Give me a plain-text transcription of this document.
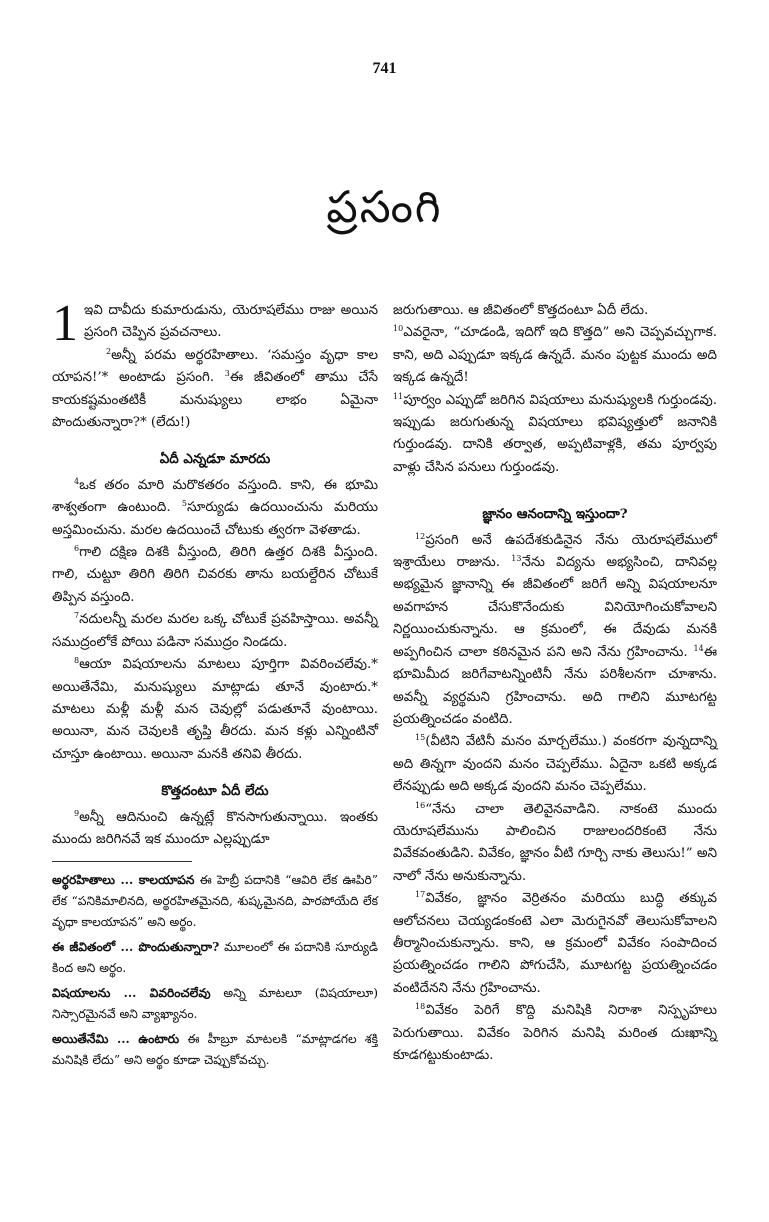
741
ప్రసంగి

1 ఇవి దావీదు కుమారుడును, యెరూషలేము రాజు అయిన ప్రసంగి చెప్పిన ప్రవచనాలు.

$^2$అన్నీ పరమ అర్థరహితాలు. ‘సమస్తం వృధా కాల యాపన!’* అంటాడు ప్రసంగి. $^3$ఈ జీవితంలో తాము చేసే కాయకష్టమంతటికీ మనుష్యులు లాభం ఏమైనా పొందుతున్నారా?* (లేదు!)

ఏదీ ఎన్నడూ మారదు

$^4$ఒక తరం మారి మరొకతరం వస్తుంది. కాని, ఈ భూమి శాశ్వతంగా ఉంటుంది. $^5$సూర్యుడు ఉదయించును మరియు అస్తమించును. మరల ఉదయించే చోటుకు త్వరగా వెళతాడు.

$^6$గాలి దక్షిణ దిశకి వీస్తుంది, తిరిగి ఉత్తర దిశకి వీస్తుంది. గాలి, చుట్టూ తిరిగి తిరిగి చివరకు తాను బయల్దేరిన చోటుకే తిప్పిన వస్తుంది.

$^7$నదులన్నీ మరల మరల ఒక్క చోటుకే ప్రవహిస్తాయి. అవన్నీ సముద్రంలోకే పోయి పడినా సముద్రం నిండదు.

$^8$ఆయా విషయాలను మాటలు పూర్తిగా వివరించలేవు.* అయితేనేమి, మనుష్యులు మాట్లాడు తూనే వుంటారు.* మాటలు మళ్లీ మళ్లీ మన చెవుల్లో పడుతూనే వుంటాయి. అయినా, మన చెవులకి తృప్తి తీరదు. మన కళ్లు ఎన్నింటినో చూస్తూ ఉంటాయి. అయినా మనకి తనివి తీరదు.

కొత్తదంటూ ఏదీ లేదు

$^9$అన్నీ ఆదినుంచి ఉన్నట్లే కొనసాగుతున్నాయి. ఇంతకు ముందు జరిగినవే ఇక ముందూ ఎల్లప్పుడూ

అర్థరహితాలు ... కాలయాపన ఈ హెబ్రీ పదానికి “ఆవిరి లేక ఊపిరి” లేక “పనికిమాలినది, అర్థరహితమైనది, శుష్కమైనది, పారపోయేది లేక వృధా కాలయాపన” అని అర్థం.

ఈ జీవితంలో ... పొందుతున్నారా? మూలంలో ఈ పదానికి సూర్యుడి కింద అని అర్థం.

విషయాలను ... వివరించలేవు అన్ని మాటలూ (విషయాలూ) నిస్సారమైనవే అని వ్యాఖ్యానం.

అయితేనేమి ... ఉంటారు ఈ హీబ్రూ మాటలకి “మాట్లాడగల శక్తి మనిషికి లేదు” అని అర్థం కూడా చెప్పుకోవచ్చు.

జరుగుతాయి. ఆ జీవితంలో కొత్తదంటూ ఏదీ లేదు.

$^{10}$ఎవరైనా, “చూడండి, ఇదిగో ఇది కొత్తది” అని చెప్పవచ్చుగాక. కాని, అది ఎప్పుడూ ఇక్కడ ఉన్నదే. మనం పుట్టక ముందు అది ఇక్కడ ఉన్నదే!

$^{11}$పూర్వం ఎప్పుడో జరిగిన విషయాలు మనుష్యులకి గుర్తుండవు. ఇప్పుడు జరుగుతున్న విషయాలు భవిష్యత్తులో జనానికి గుర్తుండవు. దానికి తర్వాత, అప్పటివాళ్లకి, తమ పూర్వపు వాళ్లు చేసిన పనులు గుర్తుండవు.

జ్ఞానం ఆనందాన్ని ఇస్తుందా?

$^{12}$ప్రసంగి అనే ఉపదేశకుడినైన నేను యెరూషలేములో ఇశ్రాయేలు రాజును. $^{13}$నేను విద్యను అభ్యసించి, దానివల్ల అభ్యమైన జ్ఞానాన్ని ఈ జీవితంలో జరిగే అన్ని విషయాలనూ అవగాహన చేసుకొనేందుకు వినియోగించుకోవాలని నిర్ణయించుకున్నాను. ఆ క్రమంలో, ఈ దేవుడు మనకి అప్పగించిన చాలా కఠినమైన పని అని నేను గ్రహించాను. $^{14}$ఈ భూమిమీద జరిగేవాటన్నింటినీ నేను పరిశీలనగా చూశాను. అవన్నీ వ్యర్థమని గ్రహించాను. అది గాలిని మూటగట్ట ప్రయత్నించడం వంటిది.

$^{15}$(వీటిని వేటినీ మనం మార్చలేము.) వంకరగా వున్నదాన్ని అది తిన్నగా వుందని మనం చెప్పలేము. ఏదైనా ఒకటి అక్కడ లేనప్పుడు అది అక్కడ వుందని మనం చెప్పలేము.

$^{16}$“నేను చాలా తెలివైనవాడిని. నాకంటె ముందు యెరూషలేమును పాలించిన రాజులందరికంటె నేను వివేకవంతుడిని. వివేకం, జ్ఞానం వీటి గూర్చి నాకు తెలుసు!” అని నాలో నేను అనుకున్నాను.

$^{17}$వివేకం, జ్ఞానం వెర్రితనం మరియు బుద్ధి తక్కువ ఆలోచనలు చెయ్యడంకంటె ఎలా మెరుగైనవో తెలుసుకోవాలని తీర్మానించుకున్నాను. కాని, ఆ క్రమంలో వివేకం సంపాదించ ప్రయత్నించడం గాలిని పోగుచేసి, మూటగట్ట ప్రయత్నించడం వంటిదేనని నేను గ్రహించాను.

$^{18}$వివేకం పెరిగే కొద్ది మనిషికి నిరాశా నిస్పృహలు పెరుగుతాయి. వివేకం పెరిగిన మనిషి మరింత దుఃఖాన్ని కూడగట్టుకుంటాడు.
